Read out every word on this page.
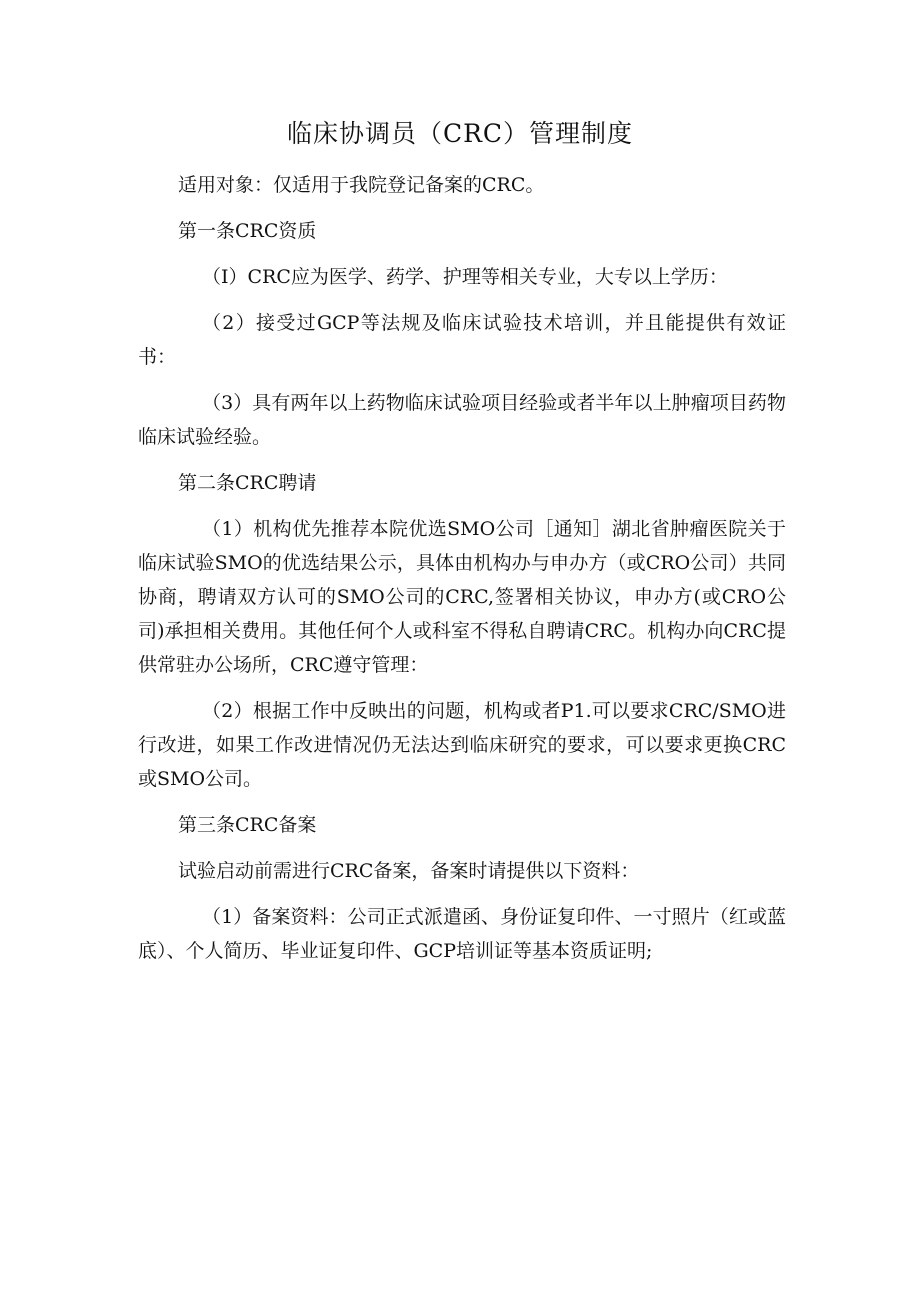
临床协调员（CRC）管理制度

适用对象：仅适用于我院登记备案的CRC。

第一条CRC资质

（I）CRC应为医学、药学、护理等相关专业，大专以上学历：

（2）接受过GCP等法规及临床试验技术培训，并且能提供有效证书：

（3）具有两年以上药物临床试验项目经验或者半年以上肿瘤项目药物临床试验经验。

第二条CRC聘请

（1）机构优先推荐本院优选SMO公司［通知］湖北省肿瘤医院关于临床试验SMO的优选结果公示，具体由机构办与申办方（或CRO公司）共同协商，聘请双方认可的SMO公司的CRC,签署相关协议，申办方(或CRO公司)承担相关费用。其他任何个人或科室不得私自聘请CRC。机构办向CRC提供常驻办公场所，CRC遵守管理：

（2）根据工作中反映出的问题，机构或者P1.可以要求CRC/SMO进行改进，如果工作改进情况仍无法达到临床研究的要求，可以要求更换CRC或SMO公司。

第三条CRC备案

试验启动前需进行CRC备案，备案时请提供以下资料：

（1）备案资料：公司正式派遣函、身份证复印件、一寸照片（红或蓝底）、个人简历、毕业证复印件、GCP培训证等基本资质证明;
